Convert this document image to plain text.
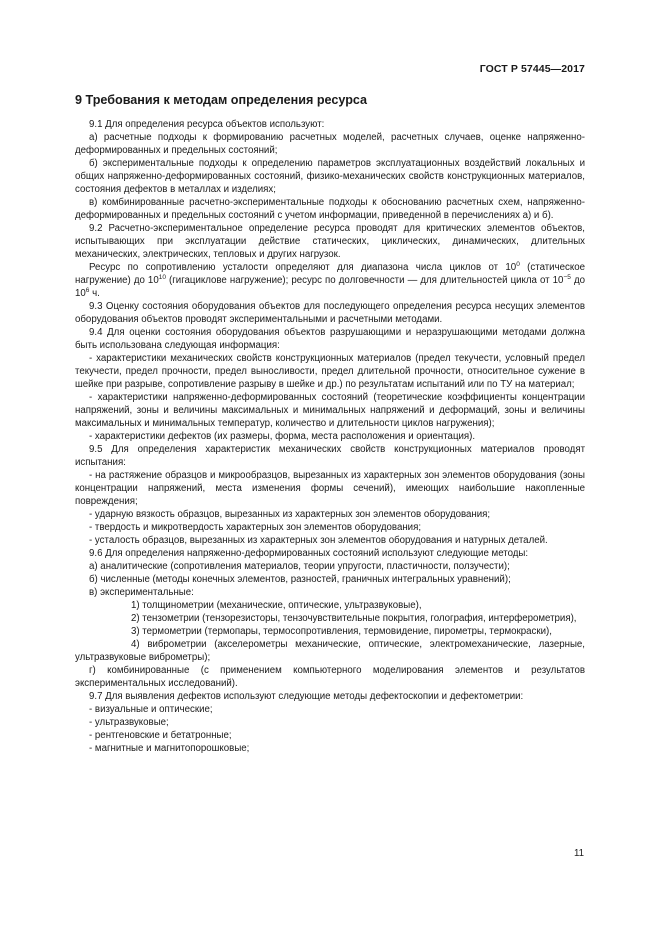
ГОСТ Р 57445—2017
9 Требования к методам определения ресурса

9.1 Для определения ресурса объектов используют:

а) расчетные подходы к формированию расчетных моделей, расчетных случаев, оценке напряженно-деформированных и предельных состояний;

б) экспериментальные подходы к определению параметров эксплуатационных воздействий локальных и общих напряженно-деформированных состояний, физико-механических свойств конструкционных материалов, состояния дефектов в металлах и изделиях;

в) комбинированные расчетно-экспериментальные подходы к обоснованию расчетных схем, напряженно-деформированных и предельных состояний с учетом информации, приведенной в перечислениях а) и б).

9.2 Расчетно-экспериментальное определение ресурса проводят для критических элементов объектов, испытывающих при эксплуатации действие статических, циклических, динамических, длительных механических, электрических, тепловых и других нагрузок.

Ресурс по сопротивлению усталости определяют для диапазона числа циклов от $10^0$ (статическое нагружение) до $10^{10}$ (гигациклове нагружение); ресурс по долговечности — для длительностей цикла от $10^{-5}$ до $10^6$ ч.

9.3 Оценку состояния оборудования объектов для последующего определения ресурса несущих элементов оборудования объектов проводят экспериментальными и расчетными методами.

9.4 Для оценки состояния оборудования объектов разрушающими и неразрушающими методами должна быть использована следующая информация:

- характеристики механических свойств конструкционных материалов (предел текучести, условный предел текучести, предел прочности, предел выносливости, предел длительной прочности, относительное сужение в шейке при разрыве, сопротивление разрыву в шейке и др.) по результатам испытаний или по ТУ на материал;

- характеристики напряженно-деформированных состояний (теоретические коэффициенты концентрации напряжений, зоны и величины максимальных и минимальных напряжений и деформаций, зоны и величины максимальных и минимальных температур, количество и длительности циклов нагружения);

- характеристики дефектов (их размеры, форма, места расположения и ориентация).

9.5 Для определения характеристик механических свойств конструкционных материалов проводят испытания:

- на растяжение образцов и микрообразцов, вырезанных из характерных зон элементов оборудования (зоны концентрации напряжений, места изменения формы сечений), имеющих наибольшие накопленные повреждения;

- ударную вязкость образцов, вырезанных из характерных зон элементов оборудования;

- твердость и микротвердость характерных зон элементов оборудования;

- усталость образцов, вырезанных из характерных зон элементов оборудования и натурных деталей.

9.6 Для определения напряженно-деформированных состояний используют следующие методы:

а) аналитические (сопротивления материалов, теории упругости, пластичности, ползучести);

б) численные (методы конечных элементов, разностей, граничных интегральных уравнений);

в) экспериментальные:

1) толщинометрии (механические, оптические, ультразвуковые),

2) тензометрии (тензорезисторы, тензочувствительные покрытия, голография, интерферометрия),

3) термометрии (термопары, термосопротивления, термовидение, пирометры, термокраски),

4) виброметрии (акселерометры механические, оптические, электромеханические, лазерные, ультразвуковые виброметры);

г) комбинированные (с применением компьютерного моделирования элементов и результатов экспериментальных исследований).

9.7 Для выявления дефектов используют следующие методы дефектоскопии и дефектометрии:

- визуальные и оптические;

- ультразвуковые;

- рентгеновские и бетатронные;

- магнитные и магнитопорошковые;

11
